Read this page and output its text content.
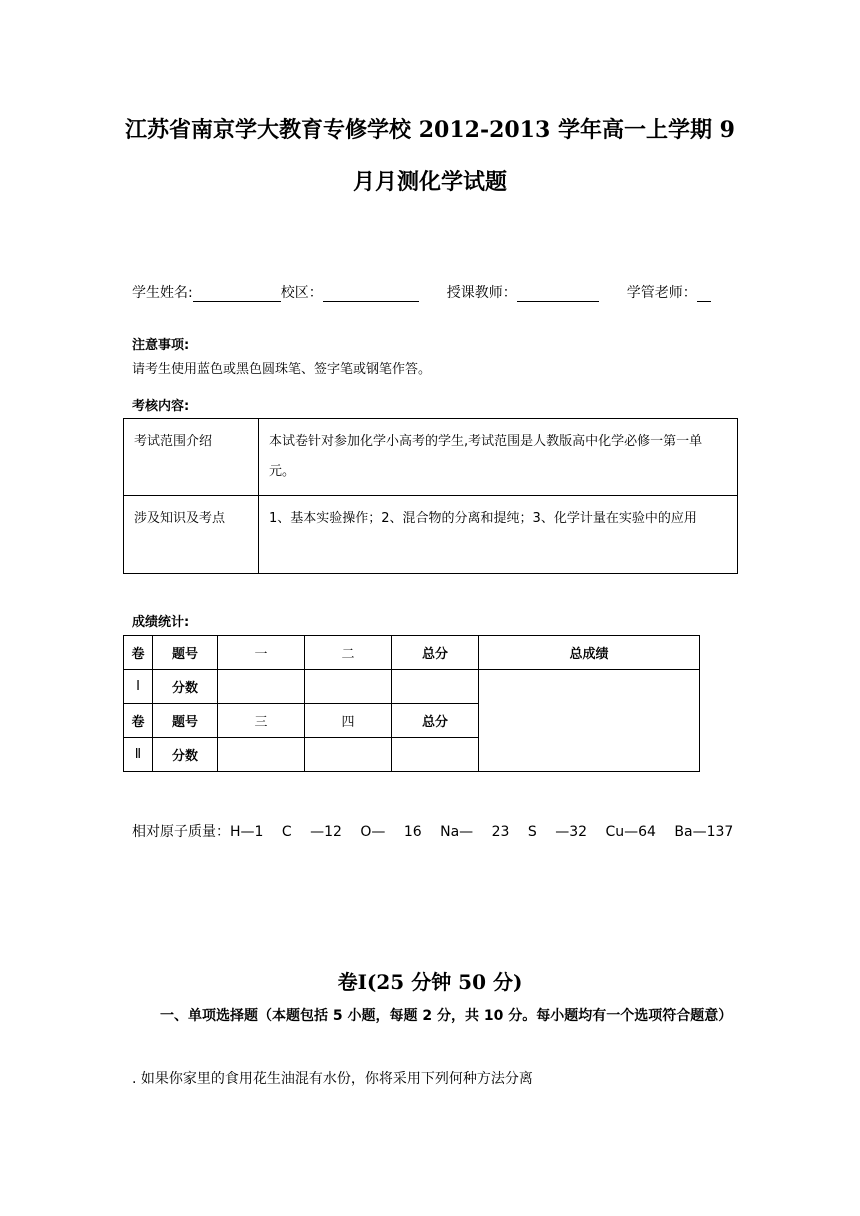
江苏省南京学大教育专修学校 2012-2013 学年高一上学期 9
月月测化学试题
学生姓名:	校区：	授课教师：	学管老师：
注意事项:
请考生使用蓝色或黑色圆珠笔、签字笔或钢笔作答。
考核内容:
考试范围介绍	本试卷针对参加化学小高考的学生,考试范围是人教版高中化学必修一第一单元。
涉及知识及考点	1、基本实验操作；2、混合物的分离和提纯；3、化学计量在实验中的应用
成绩统计:
卷	题号	一	二	总分	总成绩
Ⅰ	分数				
卷	题号	三	四	总分	
Ⅱ	分数				
相对原子质量：H—1 C —12 O— 16 Na— 23 S —32 Cu—64 Ba—137
卷Ⅰ(25 分钟 50 分)
一、单项选择题（本题包括 5 小题，每题 2 分，共 10 分。每小题均有一个选项符合题意）
. 如果你家里的食用花生油混有水份，你将采用下列何种方法分离
